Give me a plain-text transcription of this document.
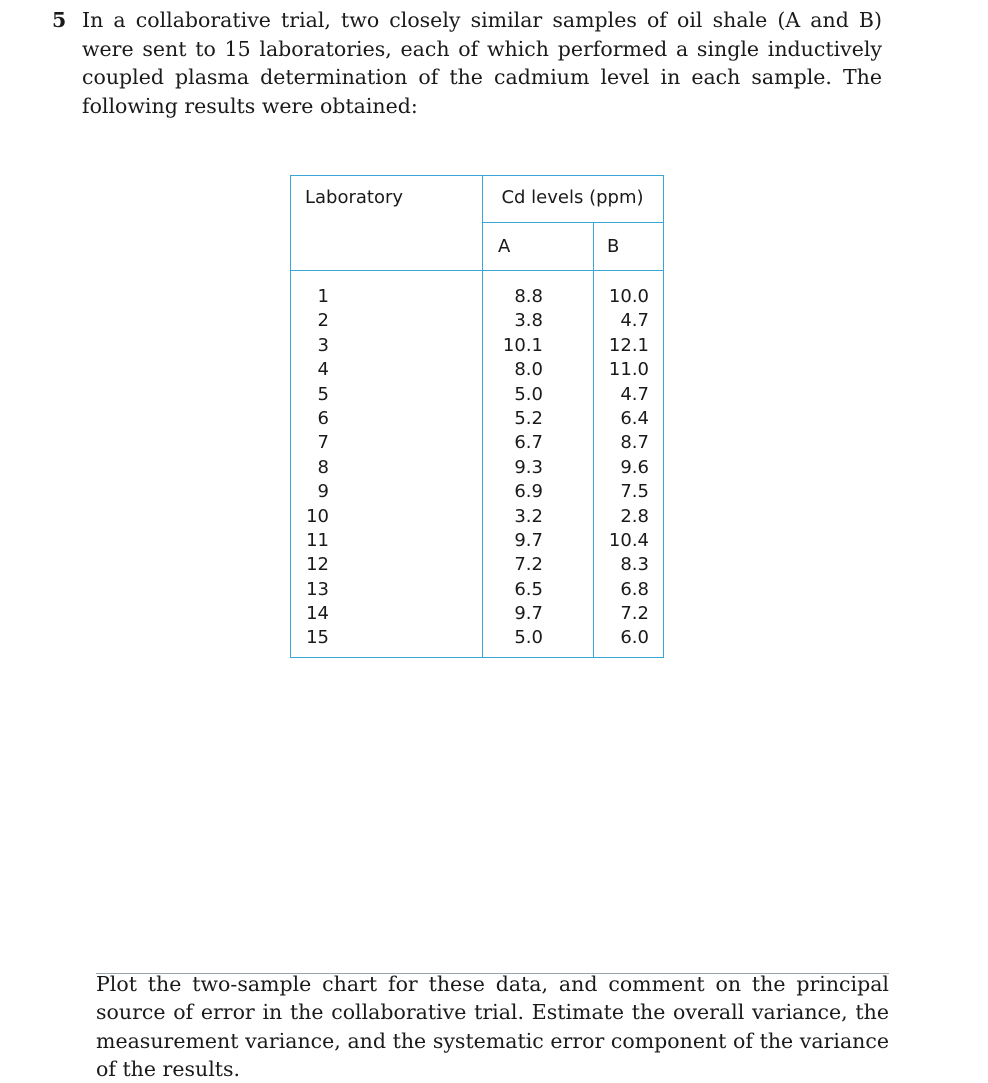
5 In a collaborative trial, two closely similar samples of oil shale (A and B) were sent to 15 laboratories, each of which performed a single inductively coupled plasma determination of the cadmium level in each sample. The following results were obtained:
Laboratory	Cd levels (ppm)
A	B
1
2
3
4
5
6
7
8
9
10
11
12
13
14
15
8.8
3.8
10.1
8.0
5.0
5.2
6.7
9.3
6.9
3.2
9.7
7.2
6.5
9.7
5.0
10.0
4.7
12.1
11.0
4.7
6.4
8.7
9.6
7.5
2.8
10.4
8.3
6.8
7.2
6.0
Plot the two-sample chart for these data, and comment on the principal source of error in the collaborative trial. Estimate the overall variance, the measurement variance, and the systematic error component of the variance of the results.
